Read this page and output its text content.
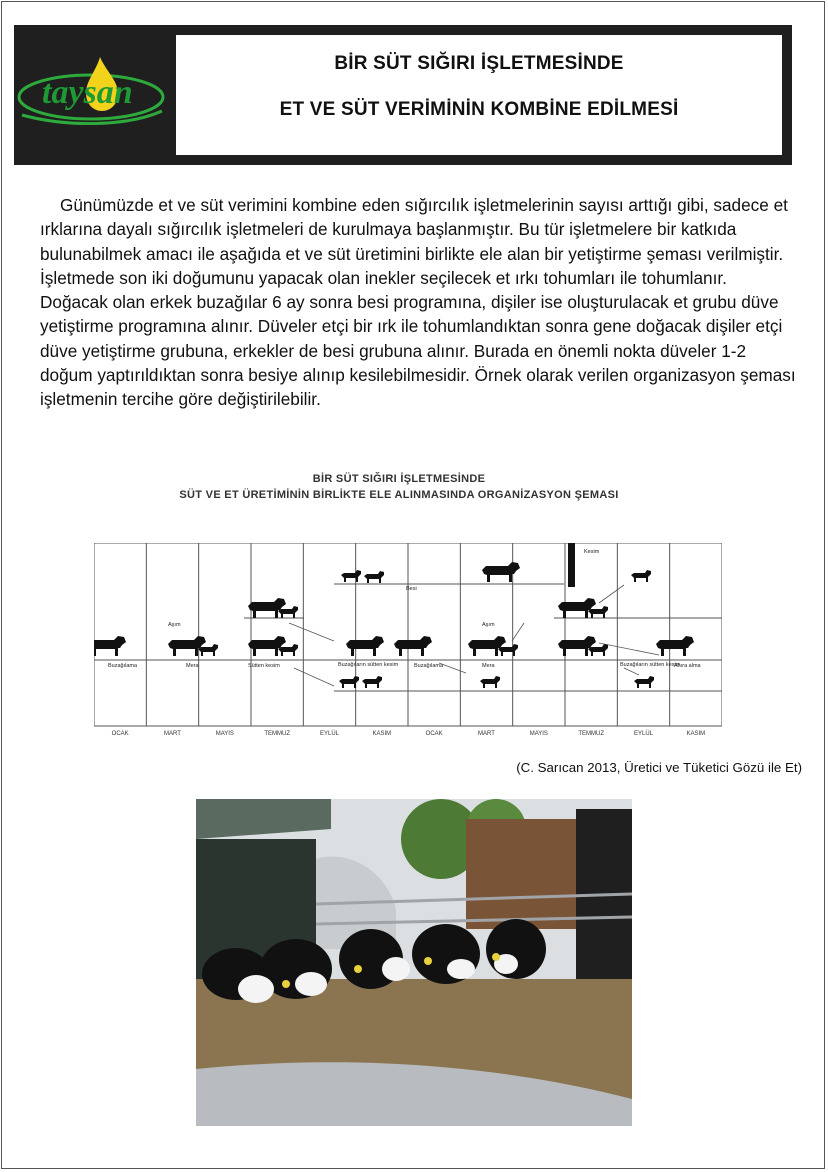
taysan
BİR SÜT SIĞIRI İŞLETMESİNDE
ET VE SÜT VERİMİNİN KOMBİNE EDİLMESİ
Günümüzde et ve süt verimini kombine eden sığırcılık işletmelerinin sayısı arttığı gibi, sadece et ırklarına dayalı sığırcılık işletmeleri de kurulmaya başlanmıştır. Bu tür işletmelere bir katkıda bulunabilmek amacı ile aşağıda et ve süt üretimini birlikte ele alan bir yetiştirme şeması verilmiştir. İşletmede son iki doğumunu yapacak olan inekler seçilecek et ırkı tohumları ile tohumlanır. Doğacak olan erkek buzağılar 6 ay sonra besi programına, dişiler ise oluşturulacak et grubu düve yetiştirme programına alınır. Düveler etçi bir ırk ile tohumlandıktan sonra gene doğacak dişiler etçi düve yetiştirme grubuna, erkekler de besi grubuna alınır. Burada en önemli nokta düveler 1-2 doğum yaptırıldıktan sonra besiye alınıp kesilebilmesidir. Örnek olarak verilen organizasyon şeması işletmenin tercihe göre değiştirilebilir.
BİR SÜT SIĞIRI İŞLETMESİNDE
SÜT VE ET ÜRETİMİNİN BİRLİKTE ELE ALINMASINDA ORGANİZASYON ŞEMASI
Buzağılama	Mera	Sütten kesim
Besi
Buzağıların sütten kesim	Buzağılama	Mera
Kesim
Buzağıların sütten kesim
Ahıra alma
Aşım	Aşım
OCAK	MART	MAYIS	TEMMUZ	EYLÜL	KASIM	OCAK	MART	MAYIS	TEMMUZ	EYLÜL	KASIM
(C. Sarıcan 2013, Üretici ve Tüketici Gözü ile Et)
